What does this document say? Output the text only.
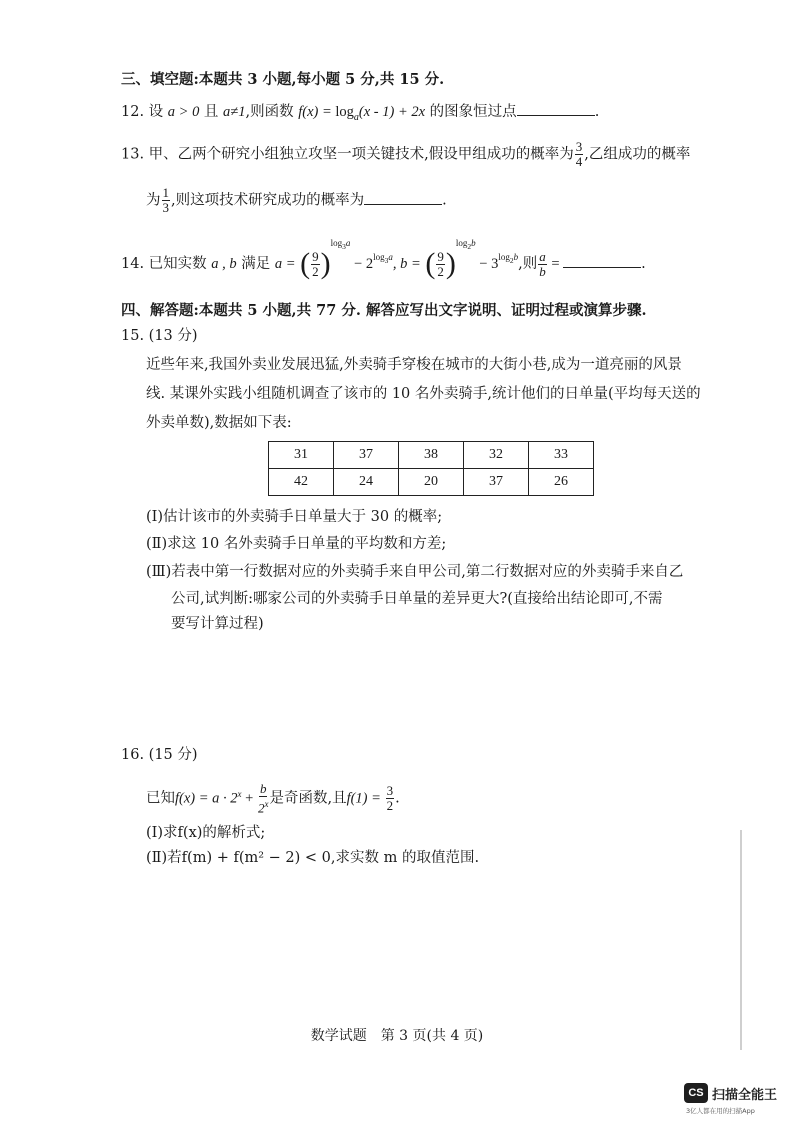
三、填空题:本题共 3 小题,每小题 5 分,共 15 分.
12. 设 a > 0 且 a≠1,则函数 $f(x) = \log_a(x - 1) + 2x$ 的图象恒过点	.
13. 甲、乙两个研究小组独立攻坚一项关键技术,假设甲组成功的概率为 $\frac{3}{4}$ ,乙组成功的概率
为 $\frac{1}{3}$ ,则这项技术研究成功的概率为	.
14. 已知实数 a , b 满足 a = ( $\frac{9}{2} )^{log_3a} - 2^{log_3a}$, b = ( $\frac{9}{2} )^{log_2b} - 3^{log_2b}$,则 $\frac{a}{b}$ =	.
四、解答题:本题共 5 小题,共 77 分. 解答应写出文字说明、证明过程或演算步骤.
15. (13 分)
近些年来,我国外卖业发展迅猛,外卖骑手穿梭在城市的大街小巷,成为一道亮丽的风景
线. 某课外实践小组随机调查了该市的 10 名外卖骑手,统计他们的日单量(平均每天送的
外卖单数),数据如下表:
31	37	38	32	33
42	24	20	37	26
(Ⅰ)估计该市的外卖骑手日单量大于 30 的概率;
(Ⅱ)求这 10 名外卖骑手日单量的平均数和方差;
(Ⅲ)若表中第一行数据对应的外卖骑手来自甲公司,第二行数据对应的外卖骑手来自乙
公司,试判断:哪家公司的外卖骑手日单量的差异更大?(直接给出结论即可,不需
要写计算过程)
16. (15 分)
已知$f(x) = a \cdot 2^x + \frac{b}{2^x}$ 是奇函数,且$f(1) = \frac{3}{2}$ .
(Ⅰ)求f(x)的解析式;
(Ⅱ)若f(m) + f(m² − 2) < 0,求实数 m 的取值范围.
数学试题　第 3 页(共 4 页)
CS 扫描全能王
3亿人都在用的扫描App
